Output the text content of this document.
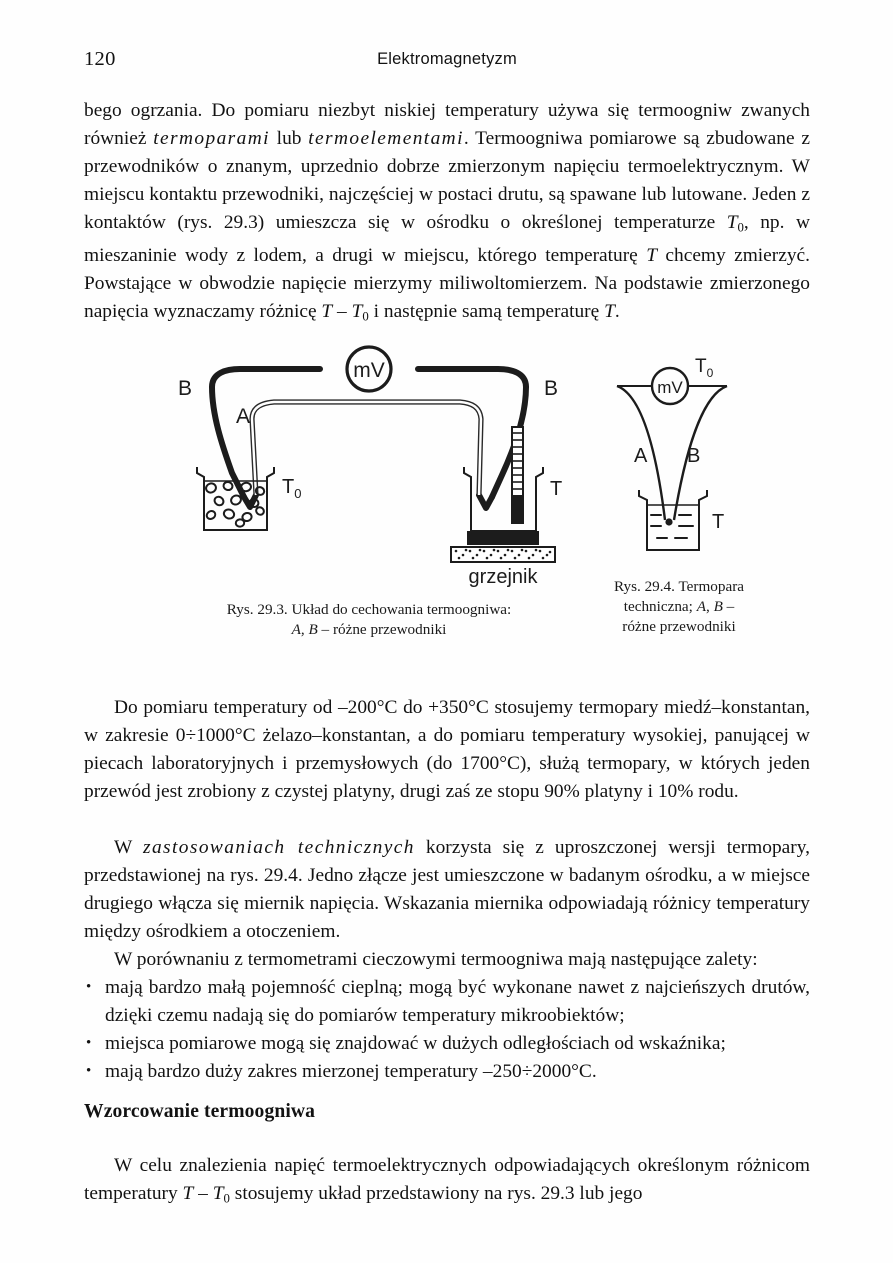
120	Elektromagnetyzm

bego ogrzania. Do pomiaru niezbyt niskiej temperatury używa się termoogniw zwanych również termoparami lub termoelementami. Termoogniwa pomiarowe są zbudowane z przewodników o znanym, uprzednio dobrze zmierzonym napięciu termoelektrycznym. W miejscu kontaktu przewodniki, najczęściej w postaci drutu, są spawane lub lutowane. Jeden z kontaktów (rys. 29.3) umieszcza się w ośrodku o określonej temperaturze $T_0$, np. w mieszaninie wody z lodem, a drugi w miejscu, którego temperaturę T chcemy zmierzyć. Powstające w obwodzie napięcie mierzymy miliwoltomierzem. Na podstawie zmierzonego napięcia wyznaczamy różnicę T – $T_0$ i następnie samą temperaturę T.

mV
$T_0$	T
grzejnik
B	B
A
mV
$T_0$
A B
T
Rys. 29.3. Układ do cechowania termoogniwa:
A, B – różne przewodniki
Rys. 29.4. Termopara
techniczna; A, B –
różne przewodniki

Do pomiaru temperatury od –200°C do +350°C stosujemy termopary miedź–konstantan, w zakresie 0÷1000°C żelazo–konstantan, a do pomiaru temperatury wysokiej, panującej w piecach laboratoryjnych i przemysłowych (do 1700°C), służą termopary, w których jeden przewód jest zrobiony z czystej platyny, drugi zaś ze stopu 90% platyny i 10% rodu.

W zastosowaniach technicznych korzysta się z uproszczonej wersji termopary, przedstawionej na rys. 29.4. Jedno złącze jest umieszczone w badanym ośrodku, a w miejsce drugiego włącza się miernik napięcia. Wskazania miernika odpowiadają różnicy temperatury między ośrodkiem a otoczeniem.

W porównaniu z termometrami cieczowymi termoogniwa mają następujące zalety:

• mają bardzo małą pojemność cieplną; mogą być wykonane nawet z najcieńszych drutów, dzięki czemu nadają się do pomiarów temperatury mikroobiektów;
• miejsca pomiarowe mogą się znajdować w dużych odległościach od wskaźnika;
• mają bardzo duży zakres mierzonej temperatury –250÷2000°C.
Wzorcowanie termoogniwa

W celu znalezienia napięć termoelektrycznych odpowiadających określonym różnicom temperatury T – $T_0$ stosujemy układ przedstawiony na rys. 29.3 lub jego
